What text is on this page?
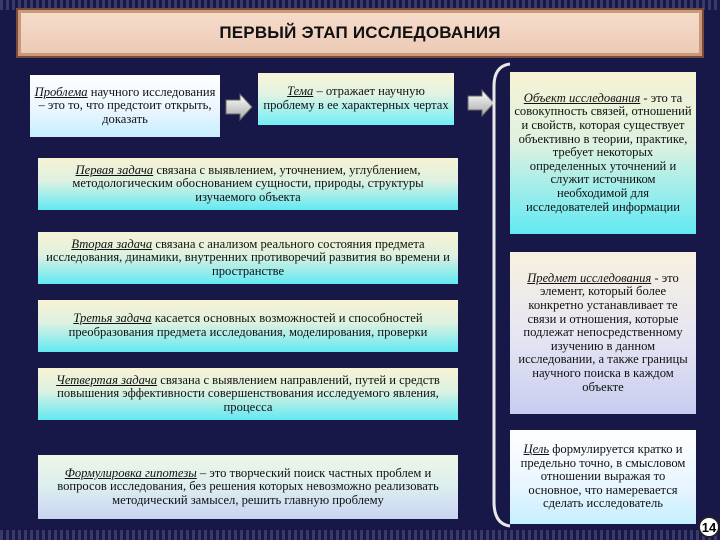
ПЕРВЫЙ ЭТАП ИССЛЕДОВАНИЯ
Проблема научного исследования – это то, что предстоит открыть, доказать
Тема – отражает научную проблему в ее характерных чертах
Первая задача связана с выявлением, уточнением, углублением, методологическим обоснованием сущности, природы, структуры изучаемого объекта
Вторая задача связана с анализом реального состояния предмета исследования, динамики, внутренних противоречий развития во времени и пространстве
Третья задача касается основных возможностей и способностей преобразования предмета исследования, моделирования, проверки
Четвертая задача связана с выявлением направлений, путей и средств повышения эффективности совершенствования исследуемого явления, процесса
Формулировка гипотезы – это творческий поиск частных проблем и вопросов исследования, без решения которых невозможно реализовать методический замысел, решить главную проблему
Объект исследования - это та совокупность связей, отношений и свойств, которая существует объективно в теории, практике, требует некоторых определенных уточнений и служит источником необходимой для исследователей информации
Предмет исследования - это элемент, который более конкретно устанавливает те связи и отношения, которые подлежат непосредственному изучению в данном исследовании, а также границы научного поиска в каждом объекте
Цель формулируется кратко и предельно точно, в смысловом отношении выражая то основное, что намеревается сделать исследователь
14
